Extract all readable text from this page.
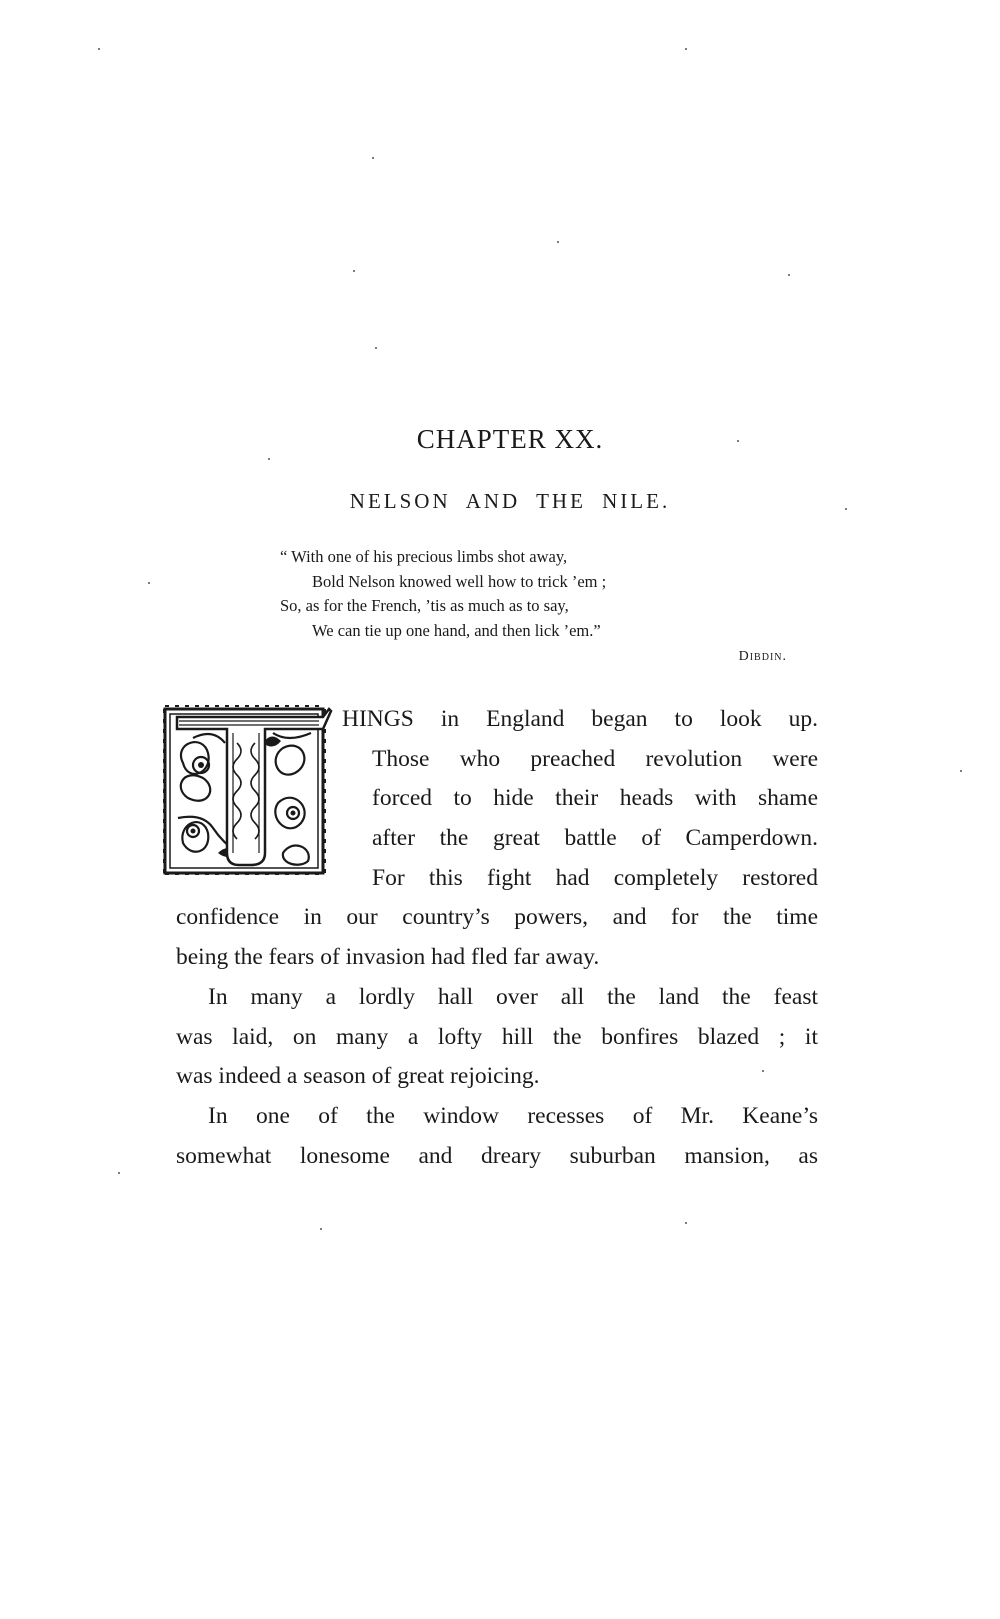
CHAPTER XX.
NELSON AND THE NILE.
“ With one of his precious limbs shot away,
Bold Nelson knowed well how to trick ’em ;
So, as for the French, ’tis as much as to say,
We can tie up one hand, and then lick ’em.”
Dibdin.
HINGS in England began to look up.
Those who preached revolution were
forced to hide their heads with shame
after the great battle of Camperdown.
For this fight had completely restored
confidence in our country’s powers, and for the time
being the fears of invasion had fled far away.
In many a lordly hall over all the land the feast
was laid, on many a lofty hill the bonfires blazed ; it
was indeed a season of great rejoicing.
In one of the window recesses of Mr. Keane’s
somewhat lonesome and dreary suburban mansion, as
